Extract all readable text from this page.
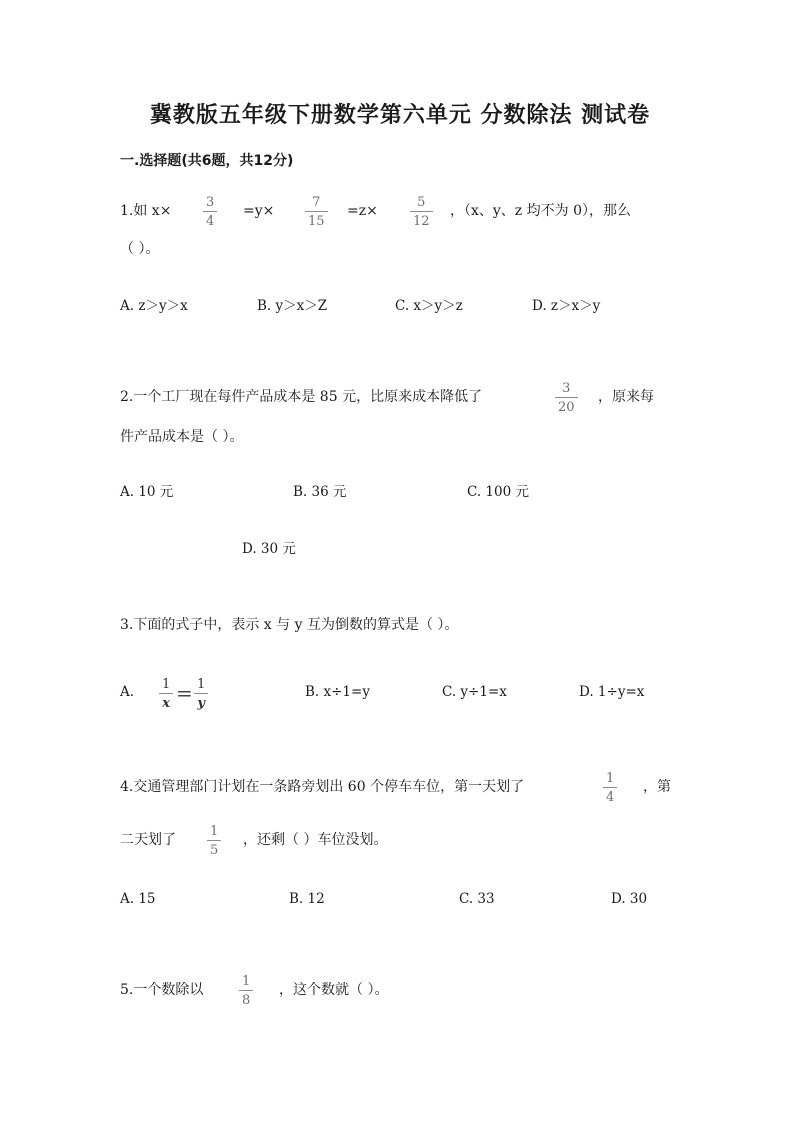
冀教版五年级下册数学第六单元 分数除法 测试卷
一.选择题(共6题，共12分)
1.如 x×
3
4
=y×
7
15
=z×
5
12
，（x、y、z 均不为 0），那么
（ ）。
A. z＞y＞x	B. y＞x＞Z	C. x＞y＞z	D. z＞x＞y
2.一个工厂现在每件产品成本是 85 元，比原来成本降低了
3
20
，原来每
件产品成本是（ ）。
A. 10 元	B. 36 元	C. 100 元
D. 30 元
3.下面的式子中，表示 x 与 y 互为倒数的算式是（ ）。
A. 1
x = 1
y
B. x÷1=y	C. y÷1=x	D. 1÷y=x
4.交通管理部门计划在一条路旁划出 60 个停车车位，第一天划了
1
4
，第
二天划了
1
5
，还剩（ ）车位没划。
A. 15	B. 12	C. 33	D. 30
5.一个数除以
1
8
，这个数就（ ）。
